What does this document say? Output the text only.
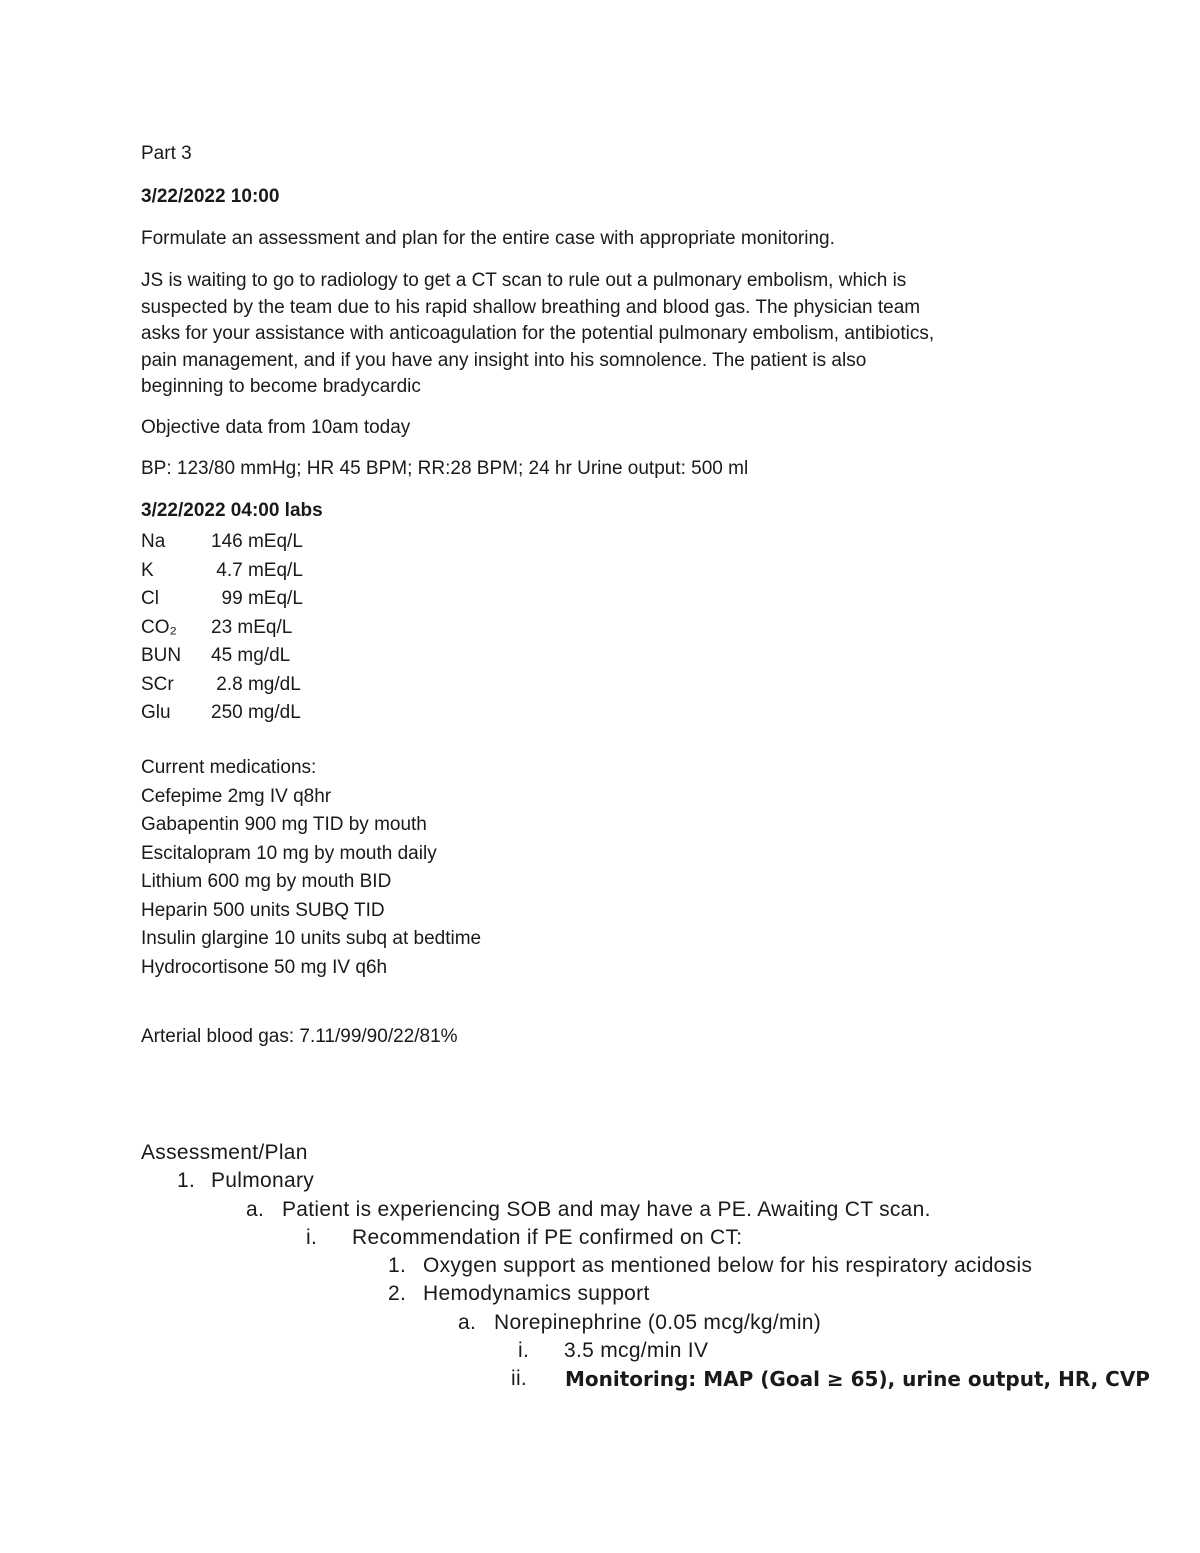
Part 3
3/22/2022 10:00
Formulate an assessment and plan for the entire case with appropriate monitoring.
JS is waiting to go to radiology to get a CT scan to rule out a pulmonary embolism, which is
suspected by the team due to his rapid shallow breathing and blood gas. The physician team
asks for your assistance with anticoagulation for the potential pulmonary embolism, antibiotics,
pain management, and if you have any insight into his somnolence. The patient is also
beginning to become bradycardic
Objective data from 10am today
BP: 123/80 mmHg; HR 45 BPM; RR:28 BPM; 24 hr Urine output: 500 ml
3/22/2022 04:00 labs
Na	146 mEq/L
K	4.7 mEq/L
Cl	99 mEq/L
CO₂	23 mEq/L
BUN	45 mg/dL
SCr	2.8 mg/dL
Glu	250 mg/dL
Current medications:
Cefepime 2mg IV q8hr
Gabapentin 900 mg TID by mouth
Escitalopram 10 mg by mouth daily
Lithium 600 mg by mouth BID
Heparin 500 units SUBQ TID
Insulin glargine 10 units subq at bedtime
Hydrocortisone 50 mg IV q6h
Arterial blood gas: 7.11/99/90/22/81%
Assessment/Plan
1. Pulmonary
a. Patient is experiencing SOB and may have a PE. Awaiting CT scan.
i. Recommendation if PE confirmed on CT:
1. Oxygen support as mentioned below for his respiratory acidosis
2. Hemodynamics support
a. Norepinephrine (0.05 mcg/kg/min)
i. 3.5 mcg/min IV
ii. Monitoring: MAP (Goal ≥ 65), urine output, HR, CVP
